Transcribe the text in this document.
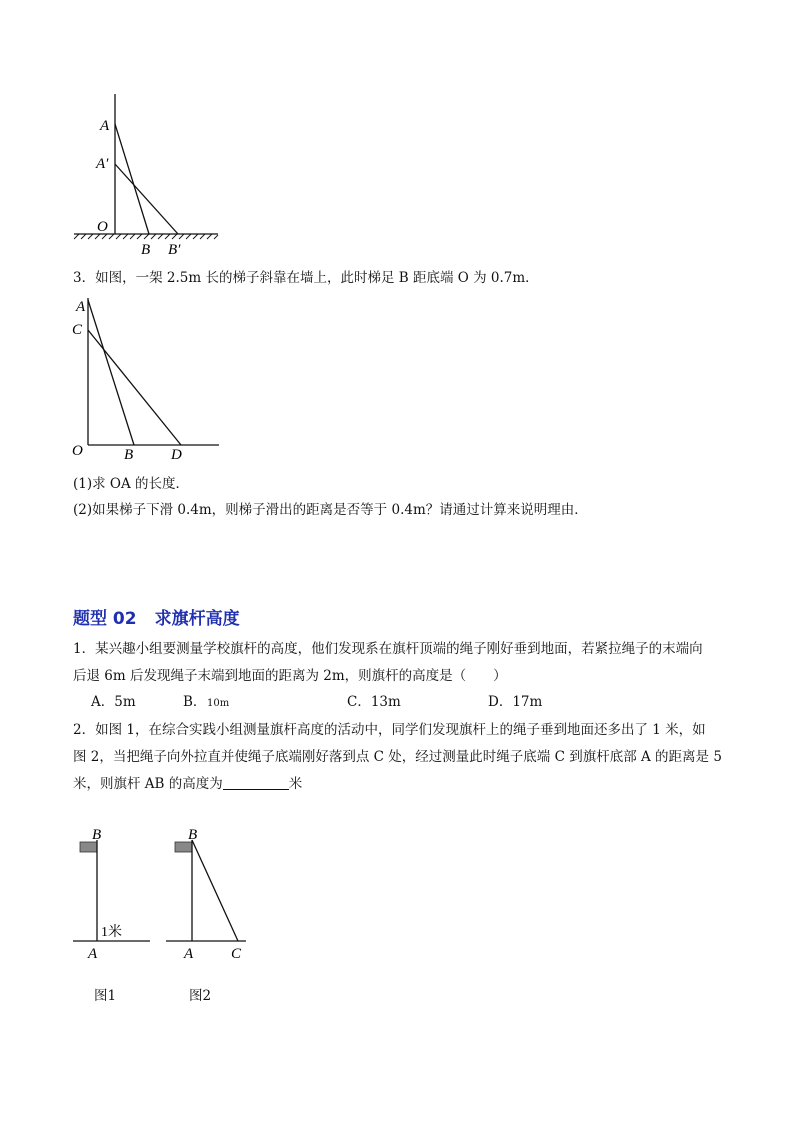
A
A′
O
B B′
3．如图，一架 2.5m 长的梯子斜靠在墙上，此时梯足 B 距底端 O 为 0.7m．
A
C
O	B	D
(1)求 OA 的长度．
(2)如果梯子下滑 0.4m，则梯子滑出的距离是否等于 0.4m？请通过计算来说明理由．
题型 02 求旗杆高度
1．某兴趣小组要测量学校旗杆的高度，他们发现系在旗杆顶端的绳子刚好垂到地面，若紧拉绳子的末端向
后退 6m 后发现绳子末端到地面的距离为 2m，则旗杆的高度是（　　）
A．5m	B． 10m	C．13m	D．17m
2．如图 1，在综合实践小组测量旗杆高度的活动中，同学们发现旗杆上的绳子垂到地面还多出了 1 米，如
图 2，当把绳子向外拉直并使绳子底端刚好落到点 C 处，经过测量此时绳子底端 C 到旗杆底部 A 的距离是 5
米，则旗杆 AB 的高度为	米
B
1米
A
图1
B
A	C
图2
